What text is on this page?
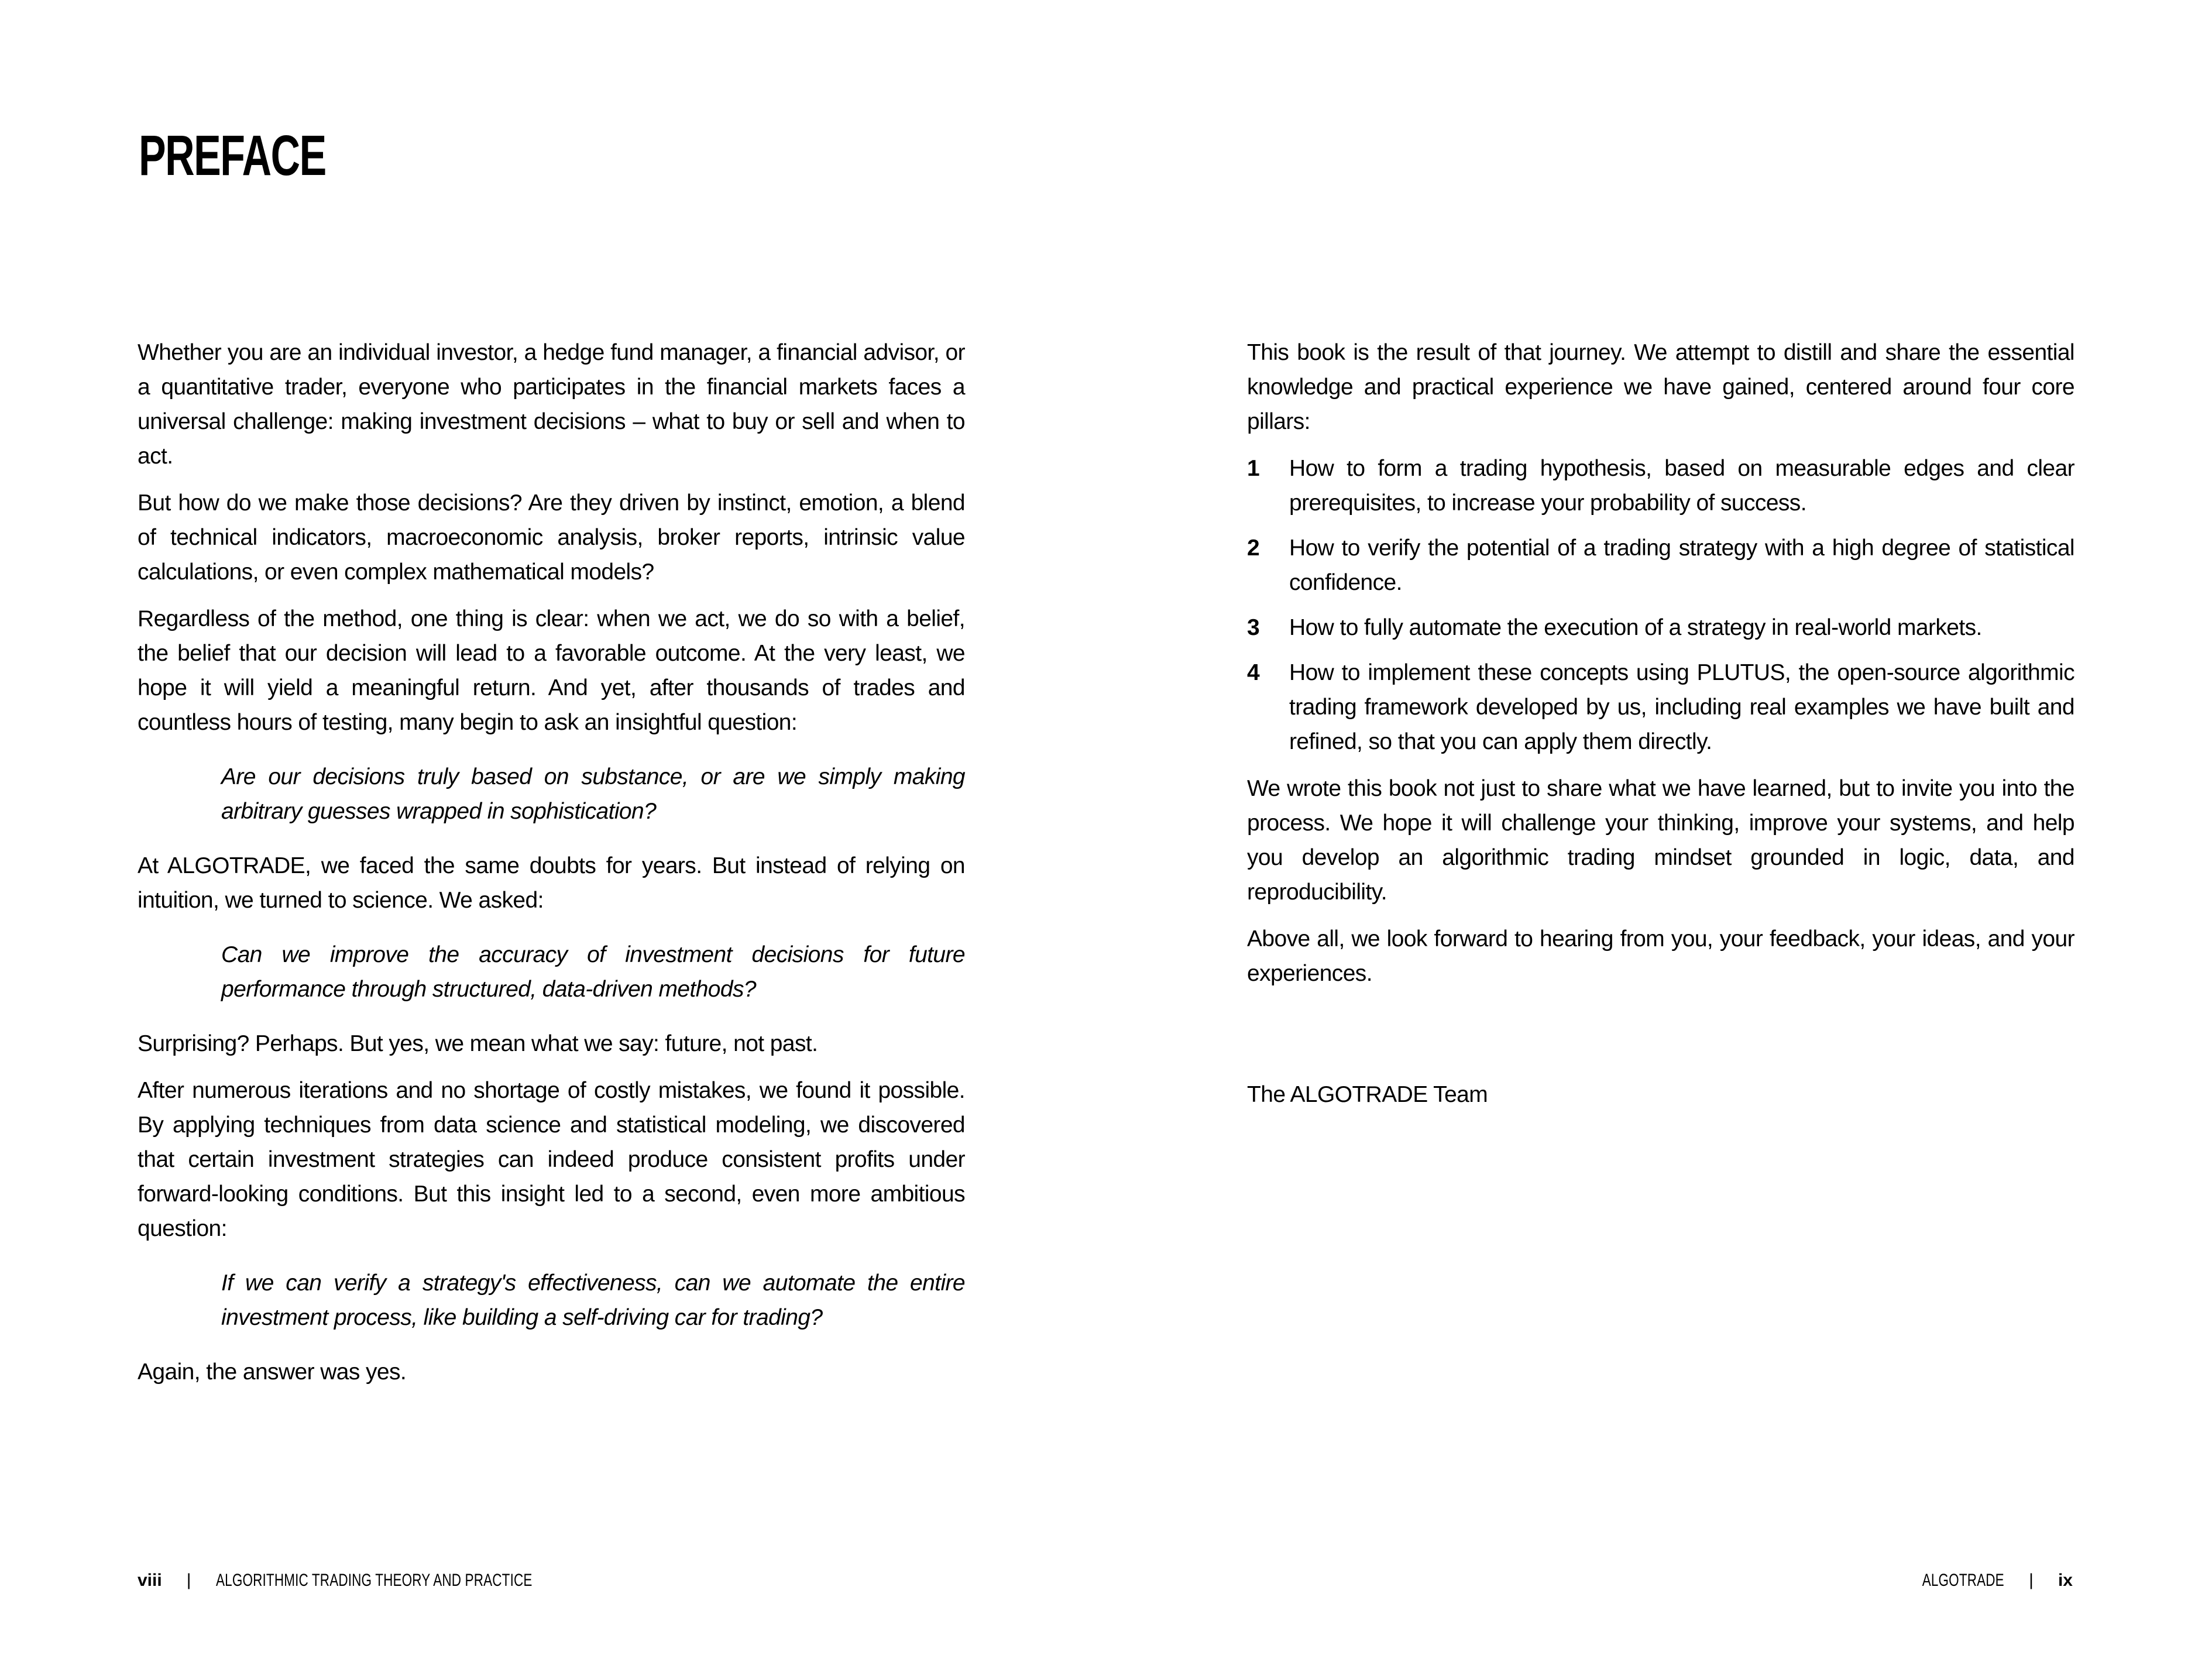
PREFACE

Whether you are an individual investor, a hedge fund manager, a financial advisor, or a quantitative trader, everyone who participates in the financial markets faces a universal challenge: making investment decisions – what to buy or sell and when to act.

But how do we make those decisions? Are they driven by instinct, emotion, a blend of technical indicators, macroeconomic analysis, broker reports, intrinsic value calculations, or even complex mathematical models?

Regardless of the method, one thing is clear: when we act, we do so with a belief, the belief that our decision will lead to a favorable outcome. At the very least, we hope it will yield a meaningful return. And yet, after thousands of trades and countless hours of testing, many begin to ask an insightful question:

Are our decisions truly based on substance, or are we simply making arbitrary guesses wrapped in sophistication?

At ALGOTRADE, we faced the same doubts for years. But instead of relying on intuition, we turned to science. We asked:

Can we improve the accuracy of investment decisions for future performance through structured, data-driven methods?

Surprising? Perhaps. But yes, we mean what we say: future, not past.

After numerous iterations and no shortage of costly mistakes, we found it possible. By applying techniques from data science and statistical modeling, we discovered that certain investment strategies can indeed produce consistent profits under forward-looking conditions. But this insight led to a second, even more ambitious question:

If we can verify a strategy's effectiveness, can we automate the entire investment process, like building a self-driving car for trading?

Again, the answer was yes.

This book is the result of that journey. We attempt to distill and share the essential knowledge and practical experience we have gained, centered around four core pillars:

1	How to form a trading hypothesis, based on measurable edges and clear prerequisites, to increase your probability of success.
2	How to verify the potential of a trading strategy with a high degree of statistical confidence.
3	How to fully automate the execution of a strategy in real-world markets.
4	How to implement these concepts using PLUTUS, the open-source algorithmic trading framework developed by us, including real examples we have built and refined, so that you can apply them directly.

We wrote this book not just to share what we have learned, but to invite you into the process. We hope it will challenge your thinking, improve your systems, and help you develop an algorithmic trading mindset grounded in logic, data, and reproducibility.

Above all, we look forward to hearing from you, your feedback, your ideas, and your experiences.

The ALGOTRADE Team

viii | ALGORITHMIC TRADING THEORY AND PRACTICE	ALGOTRADE | ix
